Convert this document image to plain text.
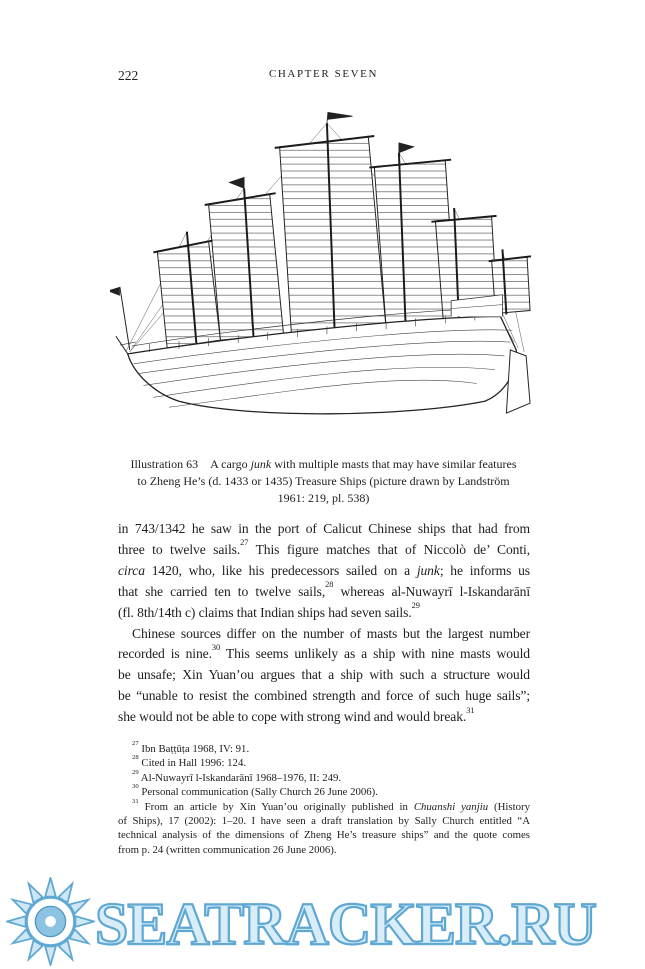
222	CHAPTER SEVEN
Illustration 63  A cargo junk with multiple masts that may have similar features
to Zheng He’s (d. 1433 or 1435) Treasure Ships (picture drawn by Landström
1961: 219, pl. 538)
in 743/1342 he saw in the port of Calicut Chinese ships that had from
three to twelve sails.$^{27}$ This figure matches that of Niccolò de’ Conti,
circa 1420, who, like his predecessors sailed on a junk; he informs us
that she carried ten to twelve sails,$^{28}$ whereas al-Nuwayrī l-Iskandarānī
(fl. 8th/14th c) claims that Indian ships had seven sails.$^{29}$
Chinese sources differ on the number of masts but the largest number
recorded is nine.$^{30}$ This seems unlikely as a ship with nine masts would
be unsafe; Xin Yuan’ou argues that a ship with such a structure would
be “unable to resist the combined strength and force of such huge sails”;
she would not be able to cope with strong wind and would break.$^{31}$
$^{27}$ Ibn Baṭṭūṭa 1968, IV: 91.
$^{28}$ Cited in Hall 1996: 124.
$^{29}$ Al-Nuwayrī l-Iskandarānī 1968–1976, II: 249.
$^{30}$ Personal communication (Sally Church 26 June 2006).
$^{31}$ From an article by Xin Yuan’ou originally published in Chuanshi yanjiu (History
of Ships), 17 (2002): 1–20. I have seen a draft translation by Sally Church entitled “A
technical analysis of the dimensions of Zheng He’s treasure ships” and the quote comes
from p. 24 (written communication 26 June 2006).
SEATRACKER.RU
